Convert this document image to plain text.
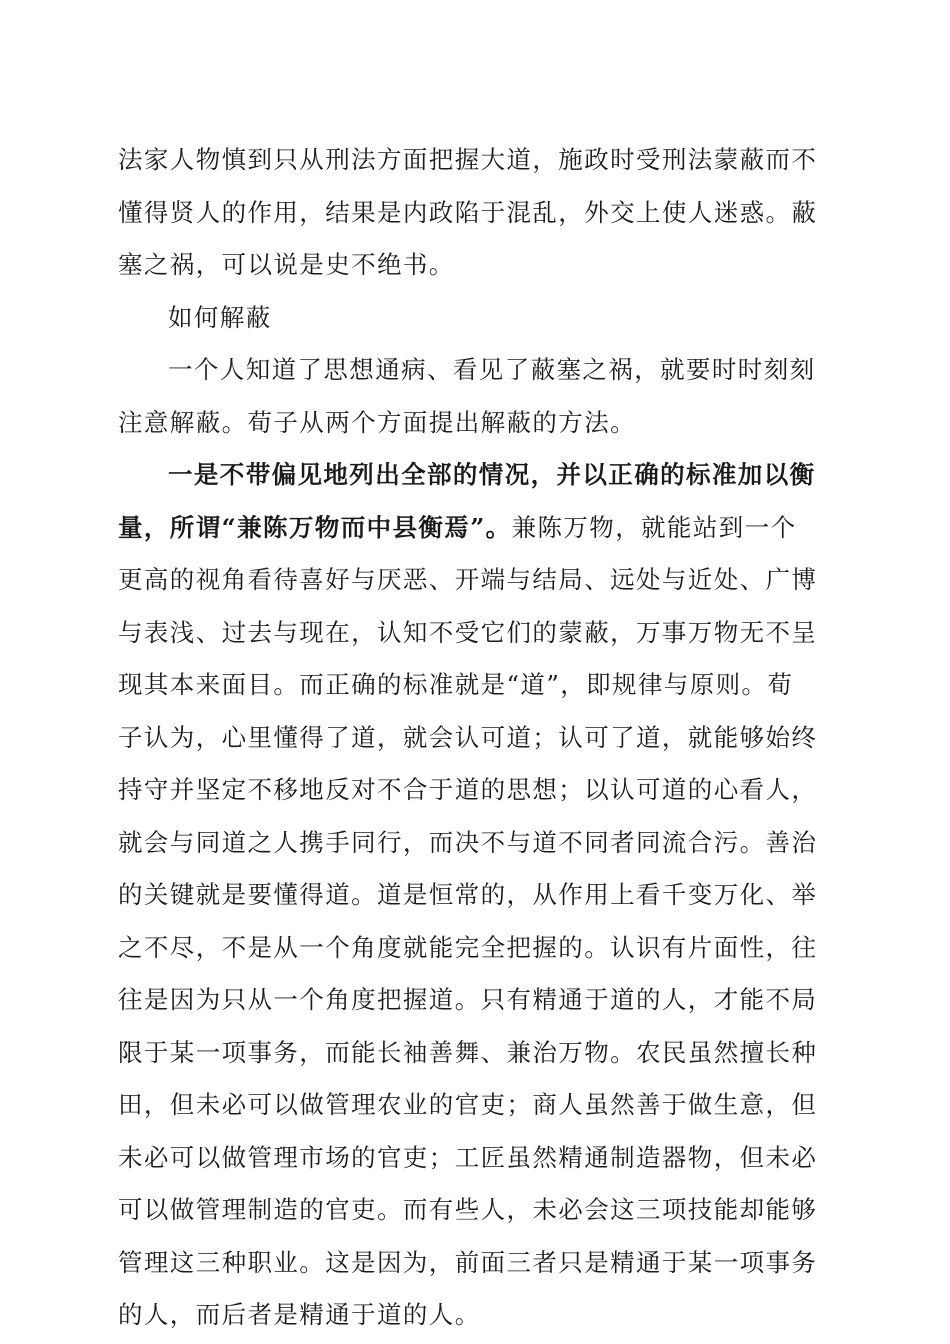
法家人物慎到只从刑法方面把握大道，施政时受刑法蒙蔽而不
懂得贤人的作用，结果是内政陷于混乱，外交上使人迷惑。蔽
塞之祸，可以说是史不绝书。
如何解蔽
一个人知道了思想通病、看见了蔽塞之祸，就要时时刻刻
注意解蔽。荀子从两个方面提出解蔽的方法。
一是不带偏见地列出全部的情况，并以正确的标准加以衡
量，所谓“兼陈万物而中县衡焉”。兼陈万物，就能站到一个
更高的视角看待喜好与厌恶、开端与结局、远处与近处、广博
与表浅、过去与现在，认知不受它们的蒙蔽，万事万物无不呈
现其本来面目。而正确的标准就是“道”，即规律与原则。荀
子认为，心里懂得了道，就会认可道；认可了道，就能够始终
持守并坚定不移地反对不合于道的思想；以认可道的心看人，
就会与同道之人携手同行，而决不与道不同者同流合污。善治
的关键就是要懂得道。道是恒常的，从作用上看千变万化、举
之不尽，不是从一个角度就能完全把握的。认识有片面性，往
往是因为只从一个角度把握道。只有精通于道的人，才能不局
限于某一项事务，而能长袖善舞、兼治万物。农民虽然擅长种
田，但未必可以做管理农业的官吏；商人虽然善于做生意，但
未必可以做管理市场的官吏；工匠虽然精通制造器物，但未必
可以做管理制造的官吏。而有些人，未必会这三项技能却能够
管理这三种职业。这是因为，前面三者只是精通于某一项事务
的人，而后者是精通于道的人。
